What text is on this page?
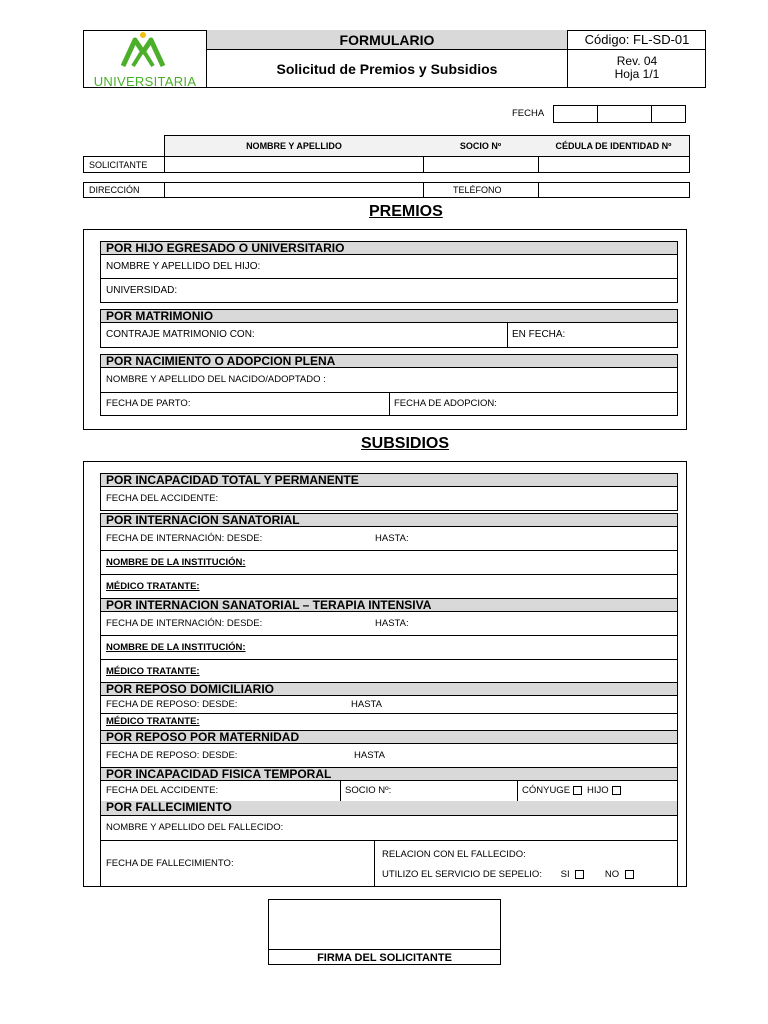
UNIVERSITARIA
FORMULARIO
Solicitud de Premios y Subsidios
Código: FL-SD-01
Rev. 04
Hoja 1/1
FECHA
NOMBRE Y APELLIDO	SOCIO Nº	CÉDULA DE IDENTIDAD Nº
SOLICITANTE
DIRECCIÓN	TELÉFONO
PREMIOS
POR HIJO EGRESADO O UNIVERSITARIO
NOMBRE Y APELLIDO DEL HIJO:
UNIVERSIDAD:
POR MATRIMONIO
CONTRAJE MATRIMONIO CON:	EN FECHA:
POR NACIMIENTO O ADOPCION PLENA
NOMBRE Y APELLIDO DEL NACIDO/ADOPTADO :
FECHA DE PARTO:	FECHA DE ADOPCION:
SUBSIDIOS
POR INCAPACIDAD TOTAL Y PERMANENTE
FECHA DEL ACCIDENTE:
POR INTERNACION SANATORIAL
FECHA DE INTERNACIÓN: DESDE:	HASTA:
NOMBRE DE LA INSTITUCIÓN:
MÉDICO TRATANTE:
POR INTERNACION SANATORIAL – TERAPIA INTENSIVA
FECHA DE INTERNACIÓN: DESDE:	HASTA:
NOMBRE DE LA INSTITUCIÓN:
MÉDICO TRATANTE:
POR REPOSO DOMICILIARIO
FECHA DE REPOSO: DESDE:	HASTA
MÉDICO TRATANTE:
POR REPOSO POR MATERNIDAD
FECHA DE REPOSO: DESDE:	HASTA
POR INCAPACIDAD FISICA TEMPORAL
FECHA DEL ACCIDENTE:	SOCIO Nº:	CÓNYUGE HIJO
POR FALLECIMIENTO
NOMBRE Y APELLIDO DEL FALLECIDO:
FECHA DE FALLECIMIENTO:
RELACION CON EL FALLECIDO:
UTILIZO EL SERVICIO DE SEPELIO: SI	NO
FIRMA DEL SOLICITANTE
